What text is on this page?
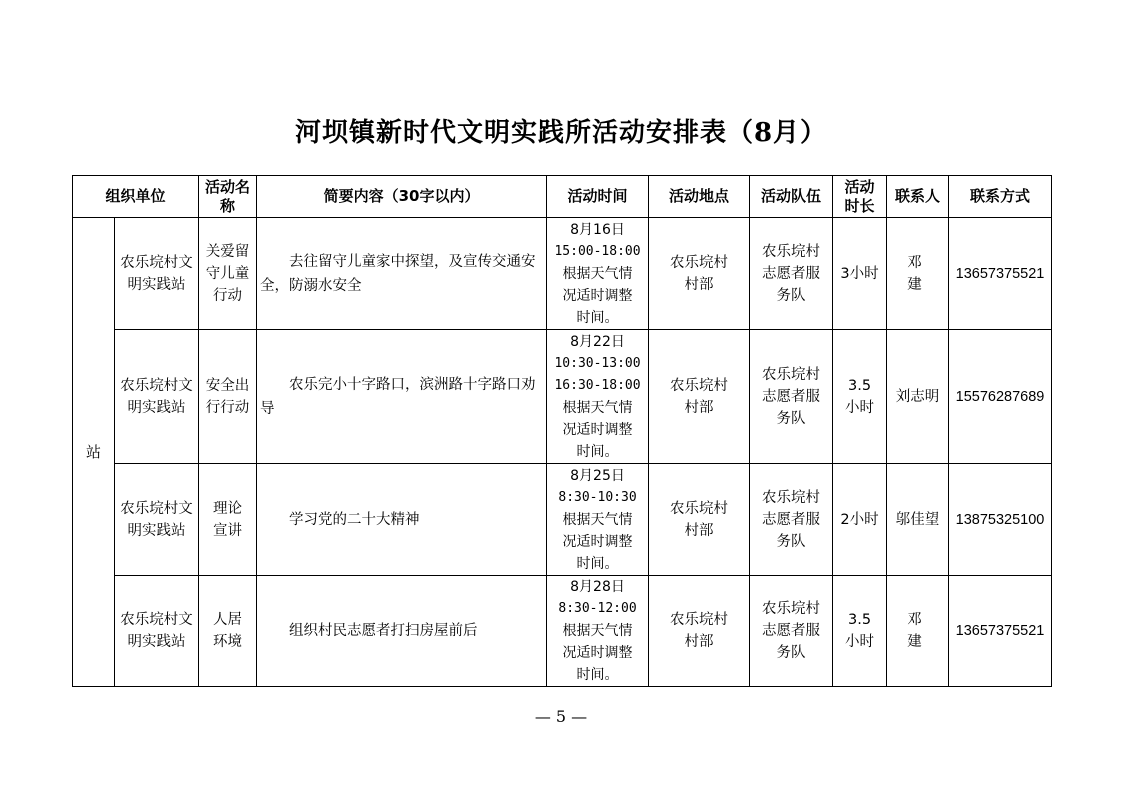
河坝镇新时代文明实践所活动安排表（8月）
组织单位		活动名称	简要内容（30字以内）	活动时间	活动地点	活动队伍	活动时长	联系人	联系方式
站	农乐垸村文明实践站	关爱留守儿童行动	去往留守儿童家中探望，及宣传交通安全，防溺水安全	8月16日
15:00-18:00
根据天气情况适时调整时间。	农乐垸村村部	农乐垸村志愿者服务队	3小时	邓建	13657375521
	农乐垸村文明实践站	安全出行行动	农乐完小十字路口，滨洲路十字路口劝导	8月22日
10:30-13:00
16:30-18:00
根据天气情况适时调整时间。	农乐垸村村部	农乐垸村志愿者服务队	3.5小时	刘志明	15576287689
	农乐垸村文明实践站	理论宣讲	学习党的二十大精神	8月25日
8:30-10:30
根据天气情况适时调整时间。	农乐垸村村部	农乐垸村志愿者服务队	2小时	邬佳望	13875325100
	农乐垸村文明实践站	人居环境	组织村民志愿者打扫房屋前后	8月28日
8:30-12:00
根据天气情况适时调整时间。	农乐垸村村部	农乐垸村志愿者服务队	3.5小时	邓建	13657375521
— 5 —
